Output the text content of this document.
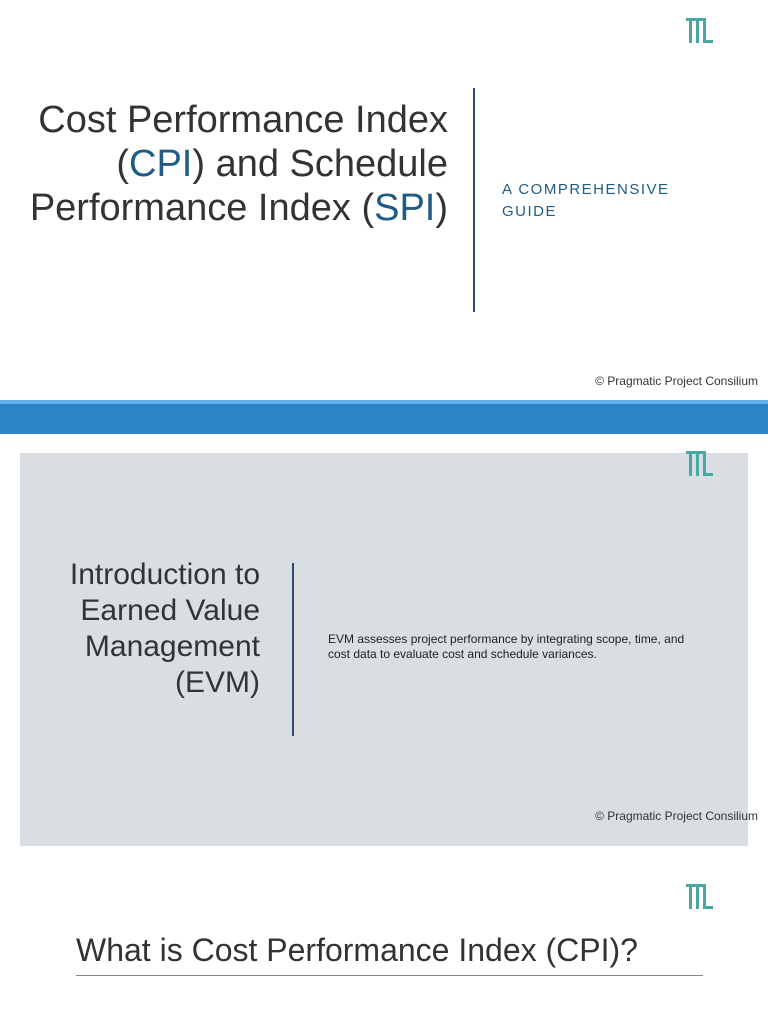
Cost Performance Index (CPI) and Schedule Performance Index (SPI)	A COMPREHENSIVE GUIDE
© Pragmatic Project Consilium
Introduction to Earned Value Management (EVM)
EVM assesses project performance by integrating scope, time, and cost data to evaluate cost and schedule variances.
© Pragmatic Project Consilium
What is Cost Performance Index (CPI)?
